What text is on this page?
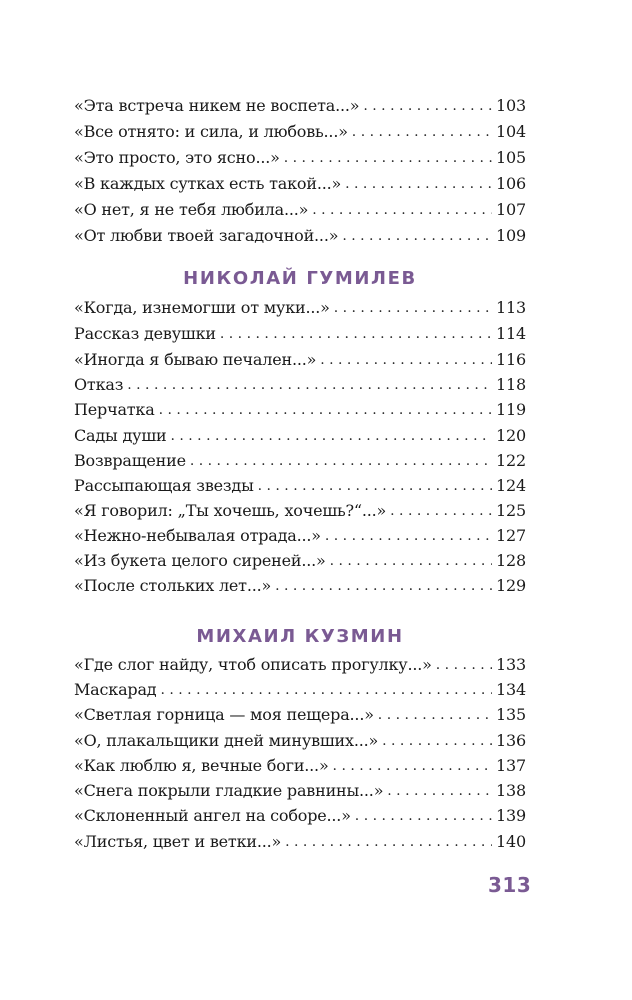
«Эта встреча никем не воспета...» . . .	103
«Все отнято: и сила, и любовь...» . . .	104
«Это просто, это ясно...» . . .	105
«В каждых сутках есть такой...» . . .	106
«О нет, я не тебя любила...» . . .	107
«От любви твоей загадочной...» . . .	109
НИКОЛАЙ ГУМИЛЕВ
«Когда, изнемогши от муки...» . . .	113
Рассказ девушки . . .	114
«Иногда я бываю печален...» . . .	116
Отказ . . .	118
Перчатка . . .	119
Сады души . . .	120
Возвращение . . .	122
Рассыпающая звезды . . .	124
«Я говорил: „Ты хочешь, хочешь?“...» . . .	125
«Нежно-небывалая отрада...» . . .	127
«Из букета целого сиреней...» . . .	128
«После стольких лет...» . . .	129
МИХАИЛ КУЗМИН
«Где слог найду, чтоб описать прогулку...» . . .	133
Маскарад . . .	134
«Светлая горница — моя пещера...» . . .	135
«О, плакальщики дней минувших...» . . .	136
«Как люблю я, вечные боги...» . . .	137
«Снега покрыли гладкие равнины...» . . .	138
«Склоненный ангел на соборе...» . . .	139
«Листья, цвет и ветки...» . . .	140
313
